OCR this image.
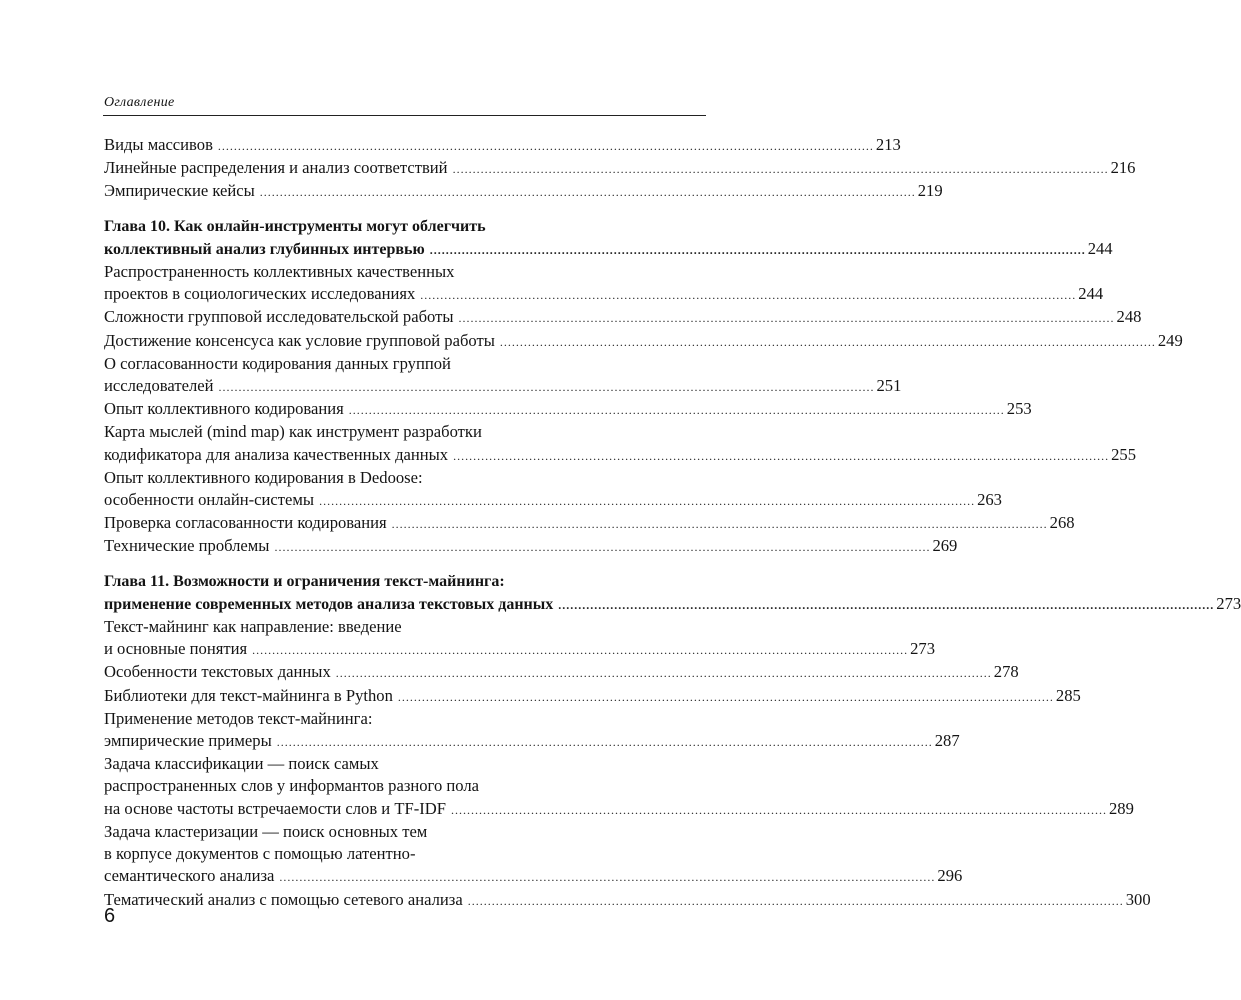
Оглавление
Виды массивов .................................................................................................................................................................... 213
Линейные распределения и анализ соответствий .................................................................................................................................................................... 216
Эмпирические кейсы .................................................................................................................................................................... 219
Глава 10. Как онлайн-инструменты могут облегчить
коллективный анализ глубинных интервью .................................................................................................................................................................... 244
Распространенность коллективных качественных
проектов в социологических исследованиях .................................................................................................................................................................... 244
Сложности групповой исследовательской работы .................................................................................................................................................................... 248
Достижение консенсуса как условие групповой работы .................................................................................................................................................................... 249
О согласованности кодирования данных группой
исследователей .................................................................................................................................................................... 251
Опыт коллективного кодирования .................................................................................................................................................................... 253
Карта мыслей (mind map) как инструмент разработки
кодификатора для анализа качественных данных .................................................................................................................................................................... 255
Опыт коллективного кодирования в Dedoose:
особенности онлайн-системы .................................................................................................................................................................... 263
Проверка согласованности кодирования .................................................................................................................................................................... 268
Технические проблемы .................................................................................................................................................................... 269
Глава 11. Возможности и ограничения текст-майнинга:
применение современных методов анализа текстовых данных .................................................................................................................................................................... 273
Текст-майнинг как направление: введение
и основные понятия .................................................................................................................................................................... 273
Особенности текстовых данных .................................................................................................................................................................... 278
Библиотеки для текст-майнинга в Python .................................................................................................................................................................... 285
Применение методов текст-майнинга:
эмпирические примеры .................................................................................................................................................................... 287
Задача классификации — поиск самых
распространенных слов у информантов разного пола
на основе частоты встречаемости слов и TF-IDF .................................................................................................................................................................... 289
Задача кластеризации — поиск основных тем
в корпусе документов с помощью латентно-
семантического анализа .................................................................................................................................................................... 296
Тематический анализ с помощью сетевого анализа .................................................................................................................................................................... 300
6
